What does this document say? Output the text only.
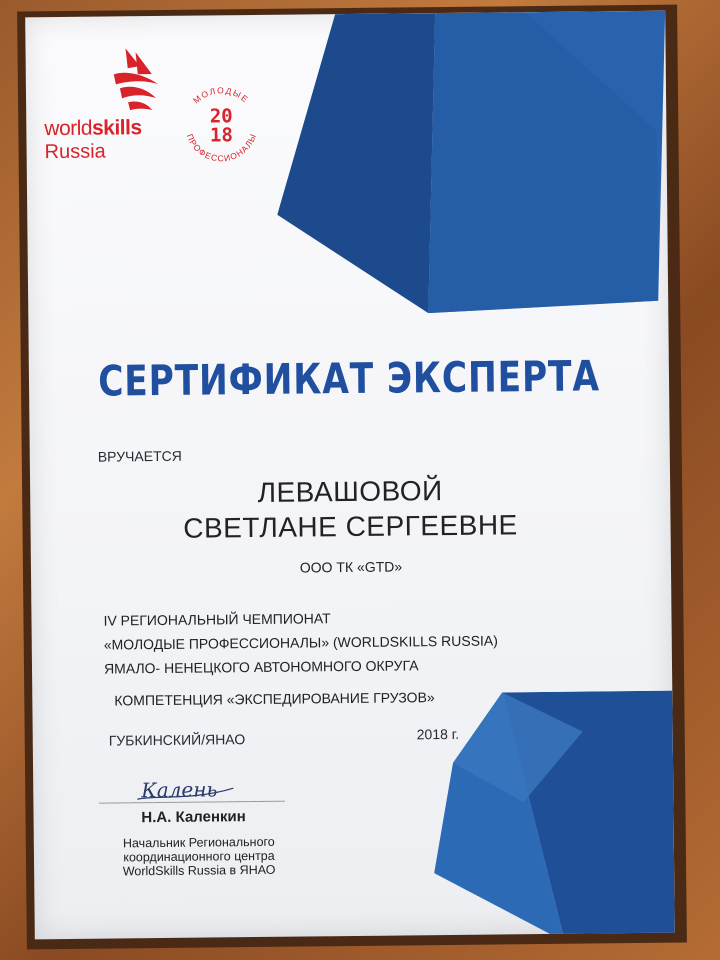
worldskills
Russia
МОЛОДЫЕ
ПРОФЕССИОНАЛЫ
20
18
СЕРТИФИКАТ ЭКСПЕРТА
ВРУЧАЕТСЯ
ЛЕВАШОВОЙ
СВЕТЛАНЕ СЕРГЕЕВНЕ
ООО ТК «GTD»
IV РЕГИОНАЛЬНЫЙ ЧЕМПИОНАТ
«МОЛОДЫЕ ПРОФЕССИОНАЛЫ» (WORLDSKILLS RUSSIA)
ЯМАЛО- НЕНЕЦКОГО АВТОНОМНОГО ОКРУГА
КОМПЕТЕНЦИЯ «ЭКСПЕДИРОВАНИЕ ГРУЗОВ»
ГУБКИНСКИЙ/ЯНАО	2018 г.
Калень
Н.А. Каленкин
Начальник Регионального
координационного центра
WorldSkills Russia в ЯНАО
